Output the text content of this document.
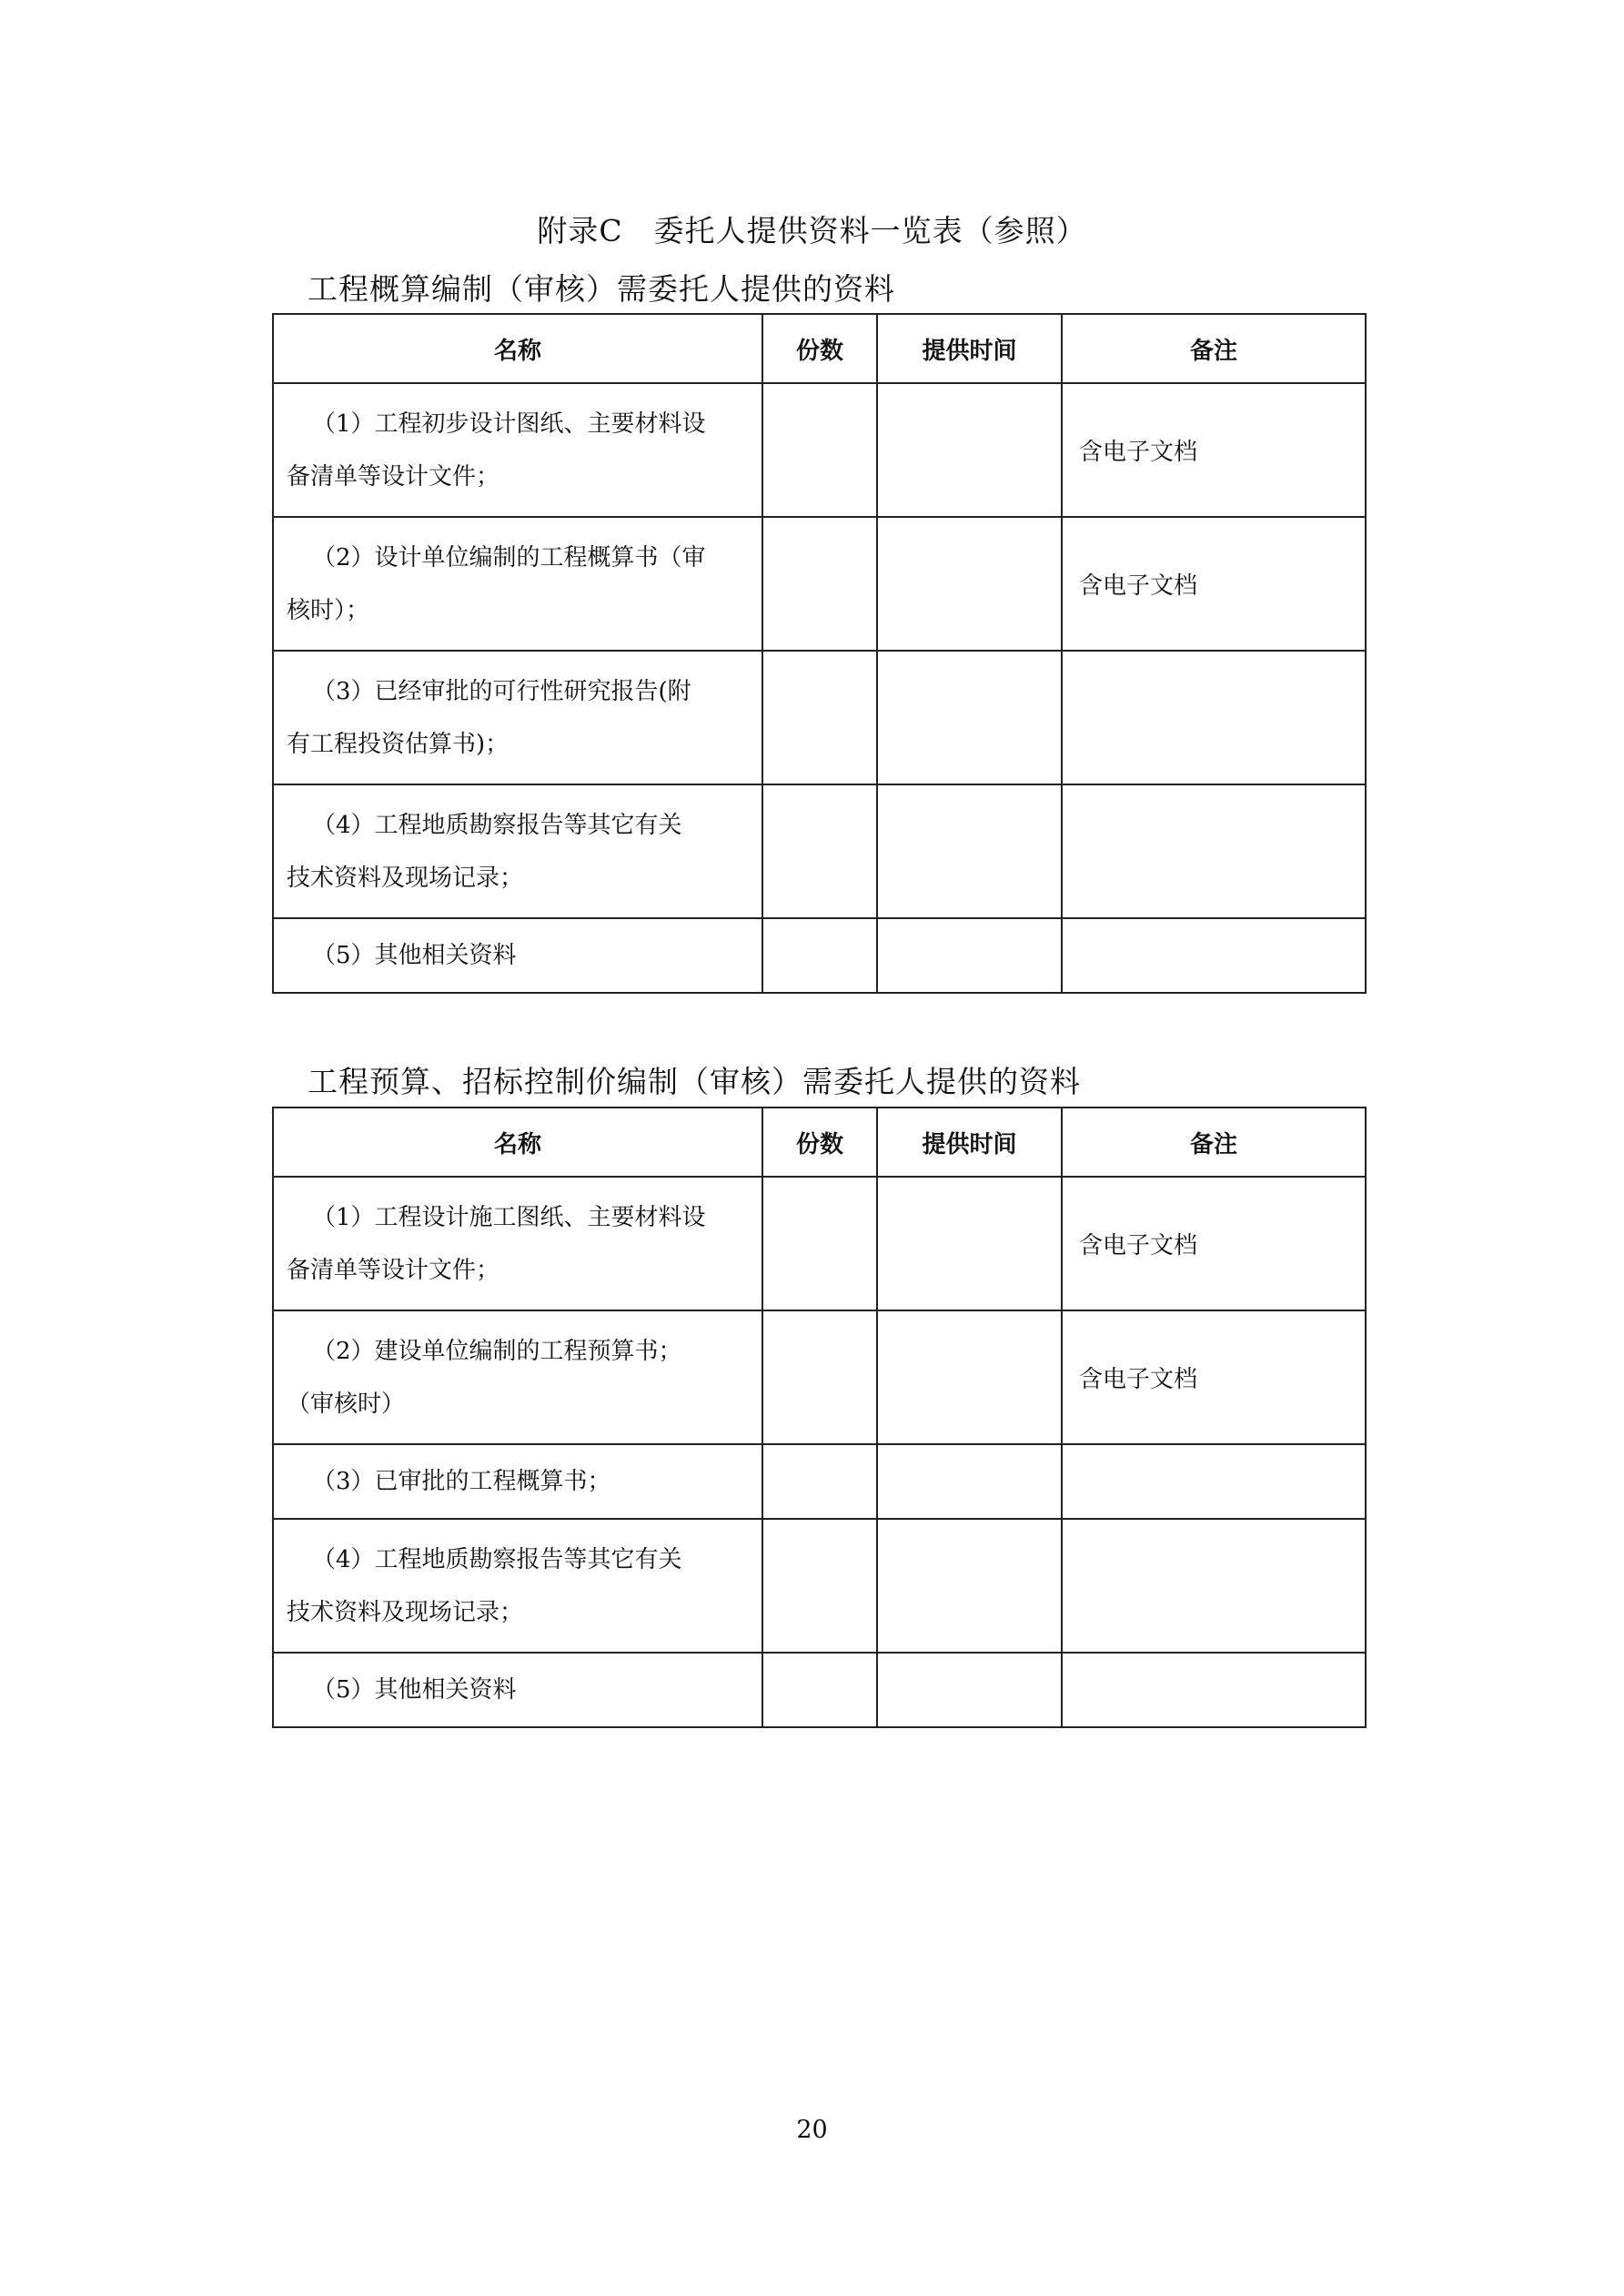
附录C　委托人提供资料一览表（参照）
工程概算编制（审核）需委托人提供的资料
名称	份数	提供时间	备注
（1）工程初步设计图纸、主要材料设
备清单等设计文件；			含电子文档
（2）设计单位编制的工程概算书（审
核时）；			含电子文档
（3）已经审批的可行性研究报告(附
有工程投资估算书)；			

（4）工程地质勘察报告等其它有关
技术资料及现场记录；			

（5）其他相关资料			
工程预算、招标控制价编制（审核）需委托人提供的资料
名称	份数	提供时间	备注
（1）工程设计施工图纸、主要材料设
备清单等设计文件；			含电子文档
（2）建设单位编制的工程预算书；
（审核时）			含电子文档
（3）已审批的工程概算书；			
（4）工程地质勘察报告等其它有关
技术资料及现场记录；			

（5）其他相关资料			
20
